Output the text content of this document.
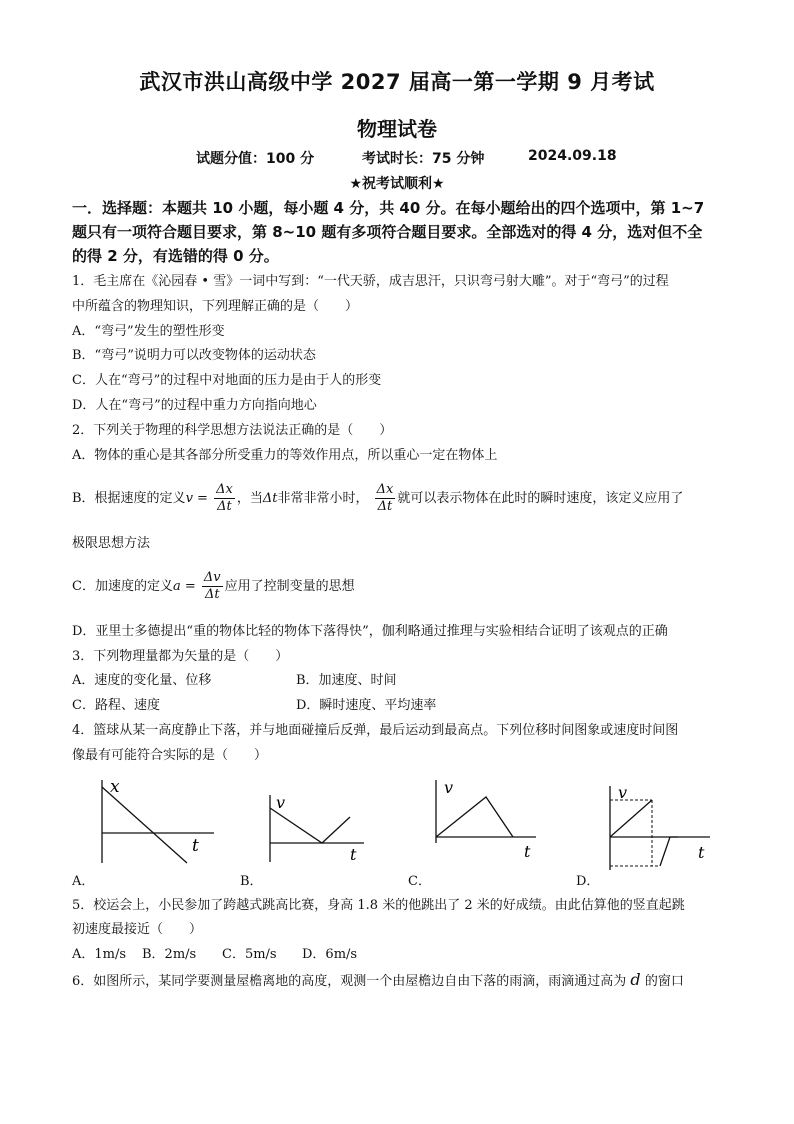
武汉市洪山高级中学 2027 届高一第一学期 9 月考试
物理试卷
试题分值：100 分	考试时长：75 分钟	2024.09.18
★祝考试顺利★
一．选择题：本题共 10 小题，每小题 4 分，共 40 分。在每小题给出的四个选项中，第 1~7
题只有一项符合题目要求，第 8~10 题有多项符合题目要求。全部选对的得 4 分，选对但不全
的得 2 分，有选错的得 0 分。
1．毛主席在《沁园春 • 雪》一词中写到：“一代天骄，成吉思汗，只识弯弓射大雕”。对于“弯弓”的过程
中所蕴含的物理知识，下列理解正确的是（　　）
A．“弯弓”发生的塑性形变
B．“弯弓”说明力可以改变物体的运动状态
C．人在“弯弓”的过程中对地面的压力是由于人的形变
D．人在“弯弓”的过程中重力方向指向地心
2．下列关于物理的科学思想方法说法正确的是（　　）
A．物体的重心是其各部分所受重力的等效作用点，所以重心一定在物体上
B．根据速度的定义$v = \frac{\Delta x}{\Delta t}$ ，当Δt非常非常小时， $\frac{\Delta x}{\Delta t}$ 就可以表示物体在此时的瞬时速度，该定义应用了
极限思想方法
C．加速度的定义$a = \frac{\Delta v}{\Delta t}$ 应用了控制变量的思想
D．亚里士多德提出“重的物体比轻的物体下落得快”，伽利略通过推理与实验相结合证明了该观点的正确
3．下列物理量都为矢量的是（　　）
A．速度的变化量、位移	B．加速度、时间
C．路程、速度	D．瞬时速度、平均速率
4．篮球从某一高度静止下落，并与地面碰撞后反弹，最后运动到最高点。下列位移时间图象或速度时间图
像最有可能符合实际的是（　　）
x
t
A．
v
t
B．
v
t
C．
v
t
D．
5．校运会上，小民参加了跨越式跳高比赛，身高 1.8 米的他跳出了 2 米的好成绩。由此估算他的竖直起跳
初速度最接近（　　）
A．1m/s B．2m/s C．5m/s D．6m/s
6．如图所示，某同学要测量屋檐离地的高度，观测一个由屋檐边自由下落的雨滴，雨滴通过高为 d 的窗口
